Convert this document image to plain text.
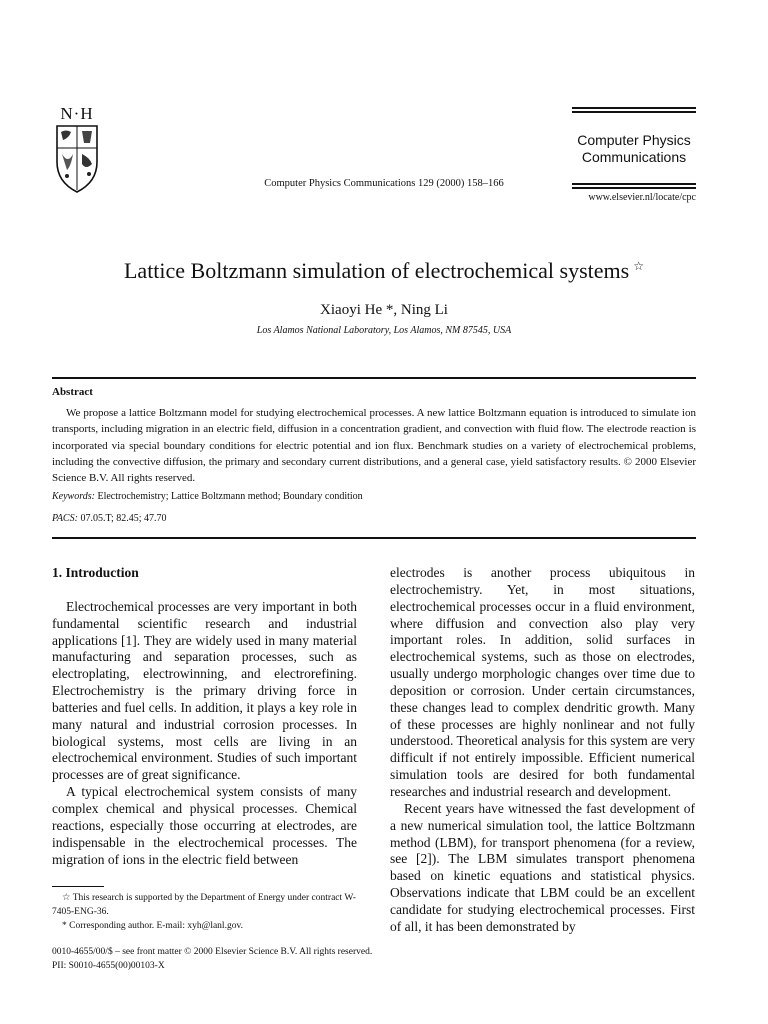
N·H
Computer Physics
Communications
Computer Physics Communications 129 (2000) 158–166
www.elsevier.nl/locate/cpc
Lattice Boltzmann simulation of electrochemical systems ☆
Xiaoyi He *, Ning Li
Los Alamos National Laboratory, Los Alamos, NM 87545, USA
Abstract
We propose a lattice Boltzmann model for studying electrochemical processes. A new lattice Boltzmann equation is introduced to simulate ion transports, including migration in an electric field, diffusion in a concentration gradient, and convection with fluid flow. The electrode reaction is incorporated via special boundary conditions for electric potential and ion flux. Benchmark studies on a variety of electrochemical problems, including the convective diffusion, the primary and secondary current distributions, and a general case, yield satisfactory results. © 2000 Elsevier Science B.V. All rights reserved.
Keywords: Electrochemistry; Lattice Boltzmann method; Boundary condition
PACS: 07.05.T; 82.45; 47.70
1. Introduction

Electrochemical processes are very important in both fundamental scientific research and industrial applications [1]. They are widely used in many material manufacturing and separation processes, such as electroplating, electrowinning, and electrorefining. Electrochemistry is the primary driving force in batteries and fuel cells. In addition, it plays a key role in many natural and industrial corrosion processes. In biological systems, most cells are living in an electrochemical environment. Studies of such important processes are of great significance.

A typical electrochemical system consists of many complex chemical and physical processes. Chemical reactions, especially those occurring at electrodes, are indispensable in the electrochemical processes. The migration of ions in the electric field between

electrodes is another process ubiquitous in electrochemistry. Yet, in most situations, electrochemical processes occur in a fluid environment, where diffusion and convection also play very important roles. In addition, solid surfaces in electrochemical systems, such as those on electrodes, usually undergo morphologic changes over time due to deposition or corrosion. Under certain circumstances, these changes lead to complex dendritic growth. Many of these processes are highly nonlinear and not fully understood. Theoretical analysis for this system are very difficult if not entirely impossible. Efficient numerical simulation tools are desired for both fundamental researches and industrial research and development.

Recent years have witnessed the fast development of a new numerical simulation tool, the lattice Boltzmann method (LBM), for transport phenomena (for a review, see [2]). The LBM simulates transport phenomena based on kinetic equations and statistical physics. Observations indicate that LBM could be an excellent candidate for studying electrochemical processes. First of all, it has been demonstrated by

☆ This research is supported by the Department of Energy under contract W-7405-ENG-36.

* Corresponding author. E-mail: xyh@lanl.gov.

0010-4655/00/$ – see front matter © 2000 Elsevier Science B.V. All rights reserved.
PII: S0010-4655(00)00103-X
